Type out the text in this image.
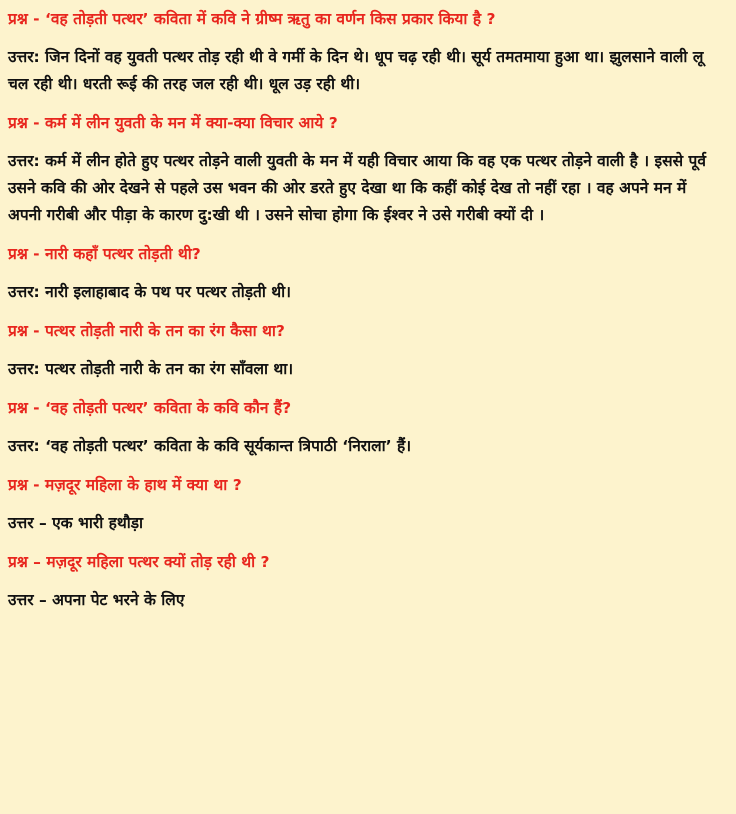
प्रश्न - ‘वह तोड़ती पत्थर’ कविता में कवि ने ग्रीष्म ऋतु का वर्णन किस प्रकार किया है ?

उत्तर: जिन दिनों वह युवती पत्थर तोड़ रही थी वे गर्मी के दिन थे। धूप चढ़ रही थी। सूर्य तमतमाया हुआ था। झुलसाने वाली लू चल रही थी। धरती रूई की तरह जल रही थी। धूल उड़ रही थी।

प्रश्न - कर्म में लीन युवती के मन में क्या-क्या विचार आये ?

उत्तर: कर्म में लीन होते हुए पत्थर तोड़ने वाली युवती के मन में यही विचार आया कि वह एक पत्थर तोड़ने वाली है । इससे पूर्व उसने कवि की ओर देखने से पहले उस भवन की ओर डरते हुए देखा था कि कहीं कोई देख तो नहीं रहा । वह अपने मन में अपनी गरीबी और पीड़ा के कारण दु:खी थी । उसने सोचा होगा कि ईश्वर ने उसे गरीबी क्यों दी ।

प्रश्न - नारी कहाँ पत्थर तोड़ती थी?

उत्तर: नारी इलाहाबाद के पथ पर पत्थर तोड़ती थी।

प्रश्न - पत्थर तोड़ती नारी के तन का रंग कैसा था?

उत्तर: पत्थर तोड़ती नारी के तन का रंग साँवला था।

प्रश्न - ‘वह तोड़ती पत्थर’ कविता के कवि कौन हैं?

उत्तर: ‘वह तोड़ती पत्थर’ कविता के कवि सूर्यकान्त त्रिपाठी ‘निराला’ हैं।

प्रश्न - मज़दूर महिला के हाथ में क्या था ?

उत्तर – एक भारी हथौड़ा

प्रश्न – मज़दूर महिला पत्थर क्यों तोड़ रही थी ?

उत्तर – अपना पेट भरने के लिए
